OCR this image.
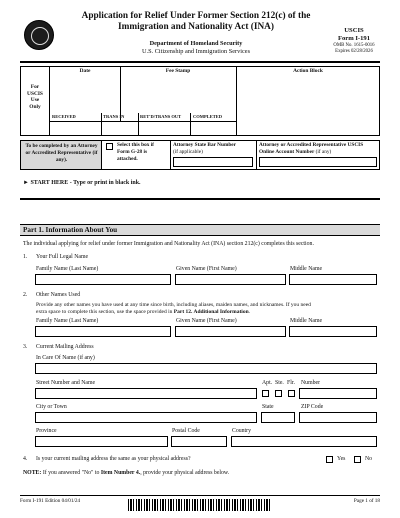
Application for Relief Under Former Section 212(c) of the Immigration and Nationality Act (INA)
Department of Homeland Security
U.S. Citizenship and Immigration Services
USCIS
Form I-191
OMB No. 1615-0016
Expires 02/28/2026
For
USCIS
Use
Only
Date	Fee Stamp	Action Block
RECEIVED	TRANS IN	RET'D/TRANS OUT	COMPLETED
To be completed by an Attorney or Accredited Representative (if any).
Select this box if Form G-28 is attached.
Attorney State Bar Number
(if applicable)
Attorney or Accredited Representative USCIS Online Account Number (if any)
► START HERE - Type or print in black ink.
Part 1. Information About You
The individual applying for relief under former Immigration and Nationality Act (INA) section 212(c) completes this section.
1. Your Full Legal Name
Family Name (Last Name)	Given Name (First Name)	Middle Name
2. Other Names Used
Provide any other names you have used at any time since birth, including aliases, maiden names, and nicknames. If you need
extra space to complete this section, use the space provided in Part 12. Additional Information.
Family Name (Last Name)	Given Name (First Name)	Middle Name
3. Current Mailing Address
In Care Of Name (if any)
Street Number and Name	Apt. Ste. Flr. Number
City or Town	State	ZIP Code
Province	Postal Code	Country
4. Is your current mailing address the same as your physical address?	Yes	No
NOTE: If you answered "No" to Item Number 4., provide your physical address below.
Form I-191 Edition 04/01/24	Page 1 of 18
